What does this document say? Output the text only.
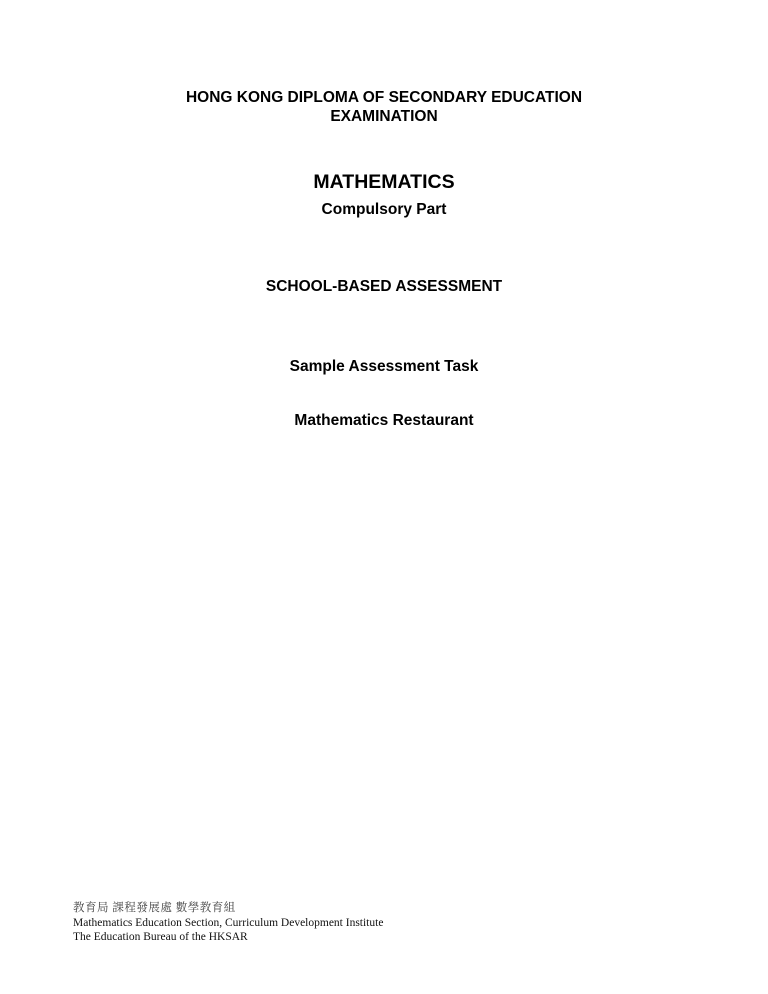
HONG KONG DIPLOMA OF SECONDARY EDUCATION
EXAMINATION
MATHEMATICS
Compulsory Part
SCHOOL-BASED ASSESSMENT
Sample Assessment Task
Mathematics Restaurant
教育局 課程發展處 數學教育組
Mathematics Education Section, Curriculum Development Institute
The Education Bureau of the HKSAR
